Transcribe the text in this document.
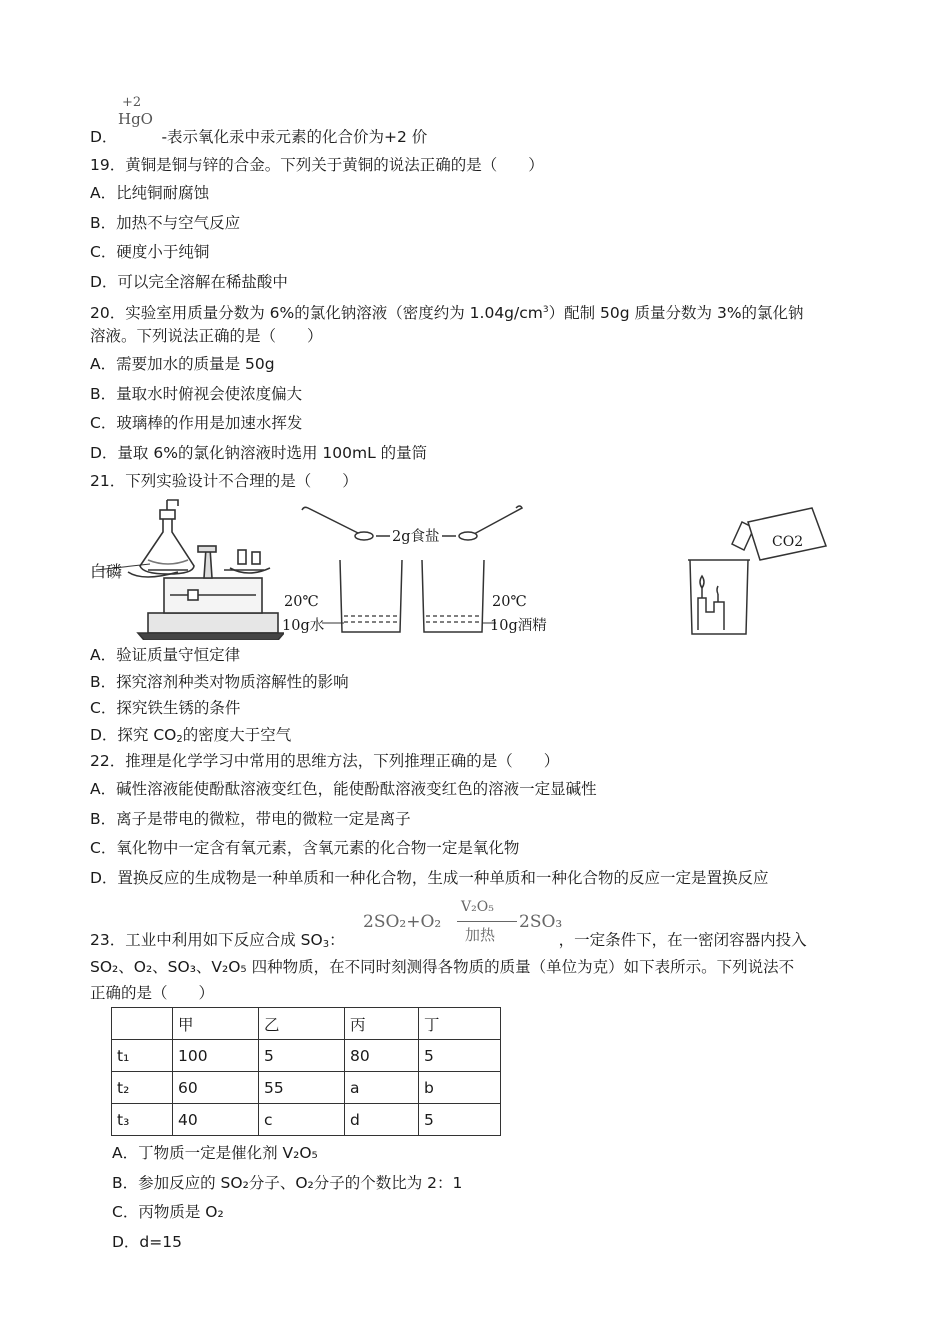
+2
HgO
D．	-表示氧化汞中汞元素的化合价为+2 价
19．黄铜是铜与锌的合金。下列关于黄铜的说法正确的是（　　）
A．比纯铜耐腐蚀
B．加热不与空气反应
C．硬度小于纯铜
D．可以完全溶解在稀盐酸中
20．实验室用质量分数为 6%的氯化钠溶液（密度约为 $1.04g/cm^3$）配制 50g 质量分数为 3%的氯化钠
溶液。下列说法正确的是（　　）
A．需要加水的质量是 50g
B．量取水时俯视会使浓度偏大
C．玻璃棒的作用是加速水挥发
D．量取 6%的氯化钠溶液时选用 100mL 的量筒
21．下列实验设计不合理的是（　　）
白磷
2g食盐
20℃
10g水
20℃
10g酒精
CO2
A．验证质量守恒定律
B．探究溶剂种类对物质溶解性的影响
C．探究铁生锈的条件
D．探究 $CO_2$的密度大于空气
22．推理是化学学习中常用的思维方法，下列推理正确的是（　　）
A．碱性溶液能使酚酞溶液变红色，能使酚酞溶液变红色的溶液一定显碱性
B．离子是带电的微粒，带电的微粒一定是离子
C．氧化物中一定含有氧元素，含氧元素的化合物一定是氧化物
D．置换反应的生成物是一种单质和一种化合物，生成一种单质和一种化合物的反应一定是置换反应
2SO₂+O₂
V₂O₅
加热
2SO₃
23．工业中利用如下反应合成 $SO_3$：	，一定条件下，在一密闭容器内投入
SO₂、O₂、SO₃、V₂O₅ 四种物质，在不同时刻测得各物质的质量（单位为克）如下表所示。下列说法不
正确的是（　　）
	甲	乙	丙	丁
t₁	100	5	80	5
t₂	60	55	a	b
t₃	40	c	d	5
A．丁物质一定是催化剂 V₂O₅
B．参加反应的 SO₂分子、O₂分子的个数比为 2：1
C．丙物质是 O₂
D．d=15
